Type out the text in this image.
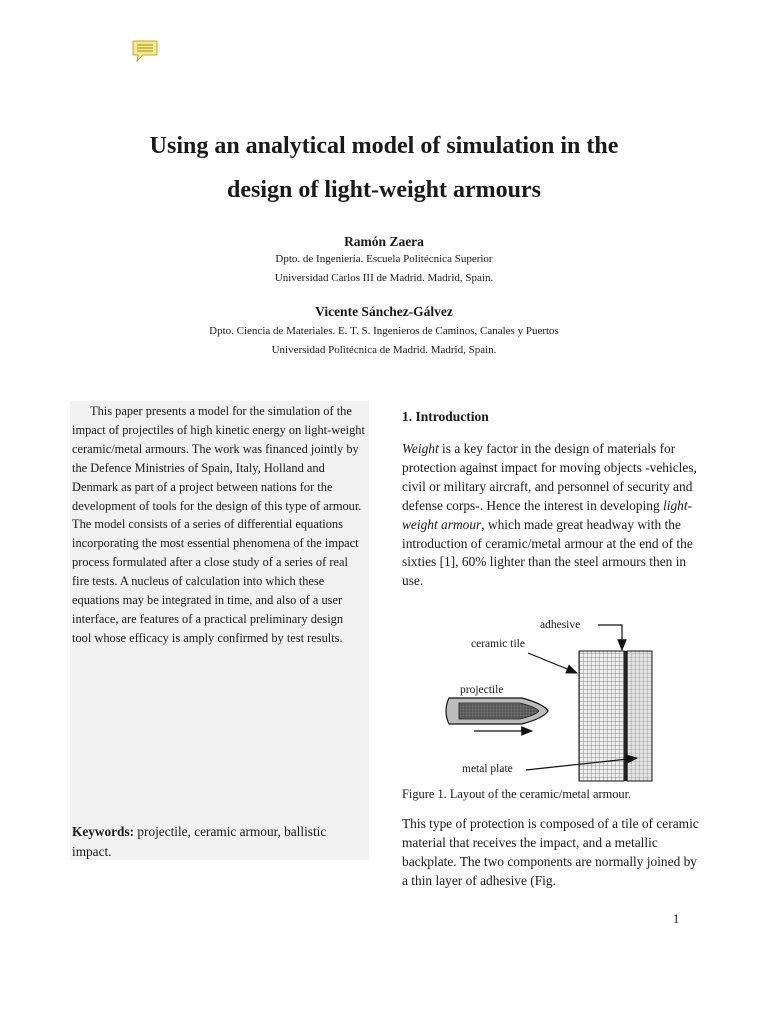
Using an analytical model of simulation in the
design of light-weight armours
Ramón Zaera
Dpto. de Ingeniería. Escuela Politécnica Superior
Universidad Carlos III de Madrid. Madrid, Spain.
Vicente Sánchez-Gálvez
Dpto. Ciencia de Materiales. E. T. S. Ingenieros de Caminos, Canales y Puertos
Universidad Politécnica de Madrid. Madrid, Spain.

This paper presents a model for the simulation of the impact of projectiles of high kinetic energy on light-weight ceramic/metal armours. The work was financed jointly by the Defence Ministries of Spain, Italy, Holland and Denmark as part of a project between nations for the development of tools for the design of this type of armour. The model consists of a series of differential equations incorporating the most essential phenomena of the impact process formulated after a close study of a series of real fire tests. A nucleus of calculation into which these equations may be integrated in time, and also of a user interface, are features of a practical preliminary design tool whose efficacy is amply confirmed by test results.

Keywords: projectile, ceramic armour, ballistic impact.

1. Introduction

Weight is a key factor in the design of materials for protection against impact for moving objects -vehicles, civil or military aircraft, and personnel of security and defense corps-. Hence the interest in developing light-weight armour, which made great headway with the introduction of ceramic/metal armour at the end of the sixties [1], 60% lighter than the steel armours then in use.

adhesive
ceramic tile
projectile
metal plate
Figure 1. Layout of the ceramic/metal armour.

This type of protection is composed of a tile of ceramic material that receives the impact, and a metallic backplate. The two components are normally joined by a thin layer of adhesive (Fig.

1
